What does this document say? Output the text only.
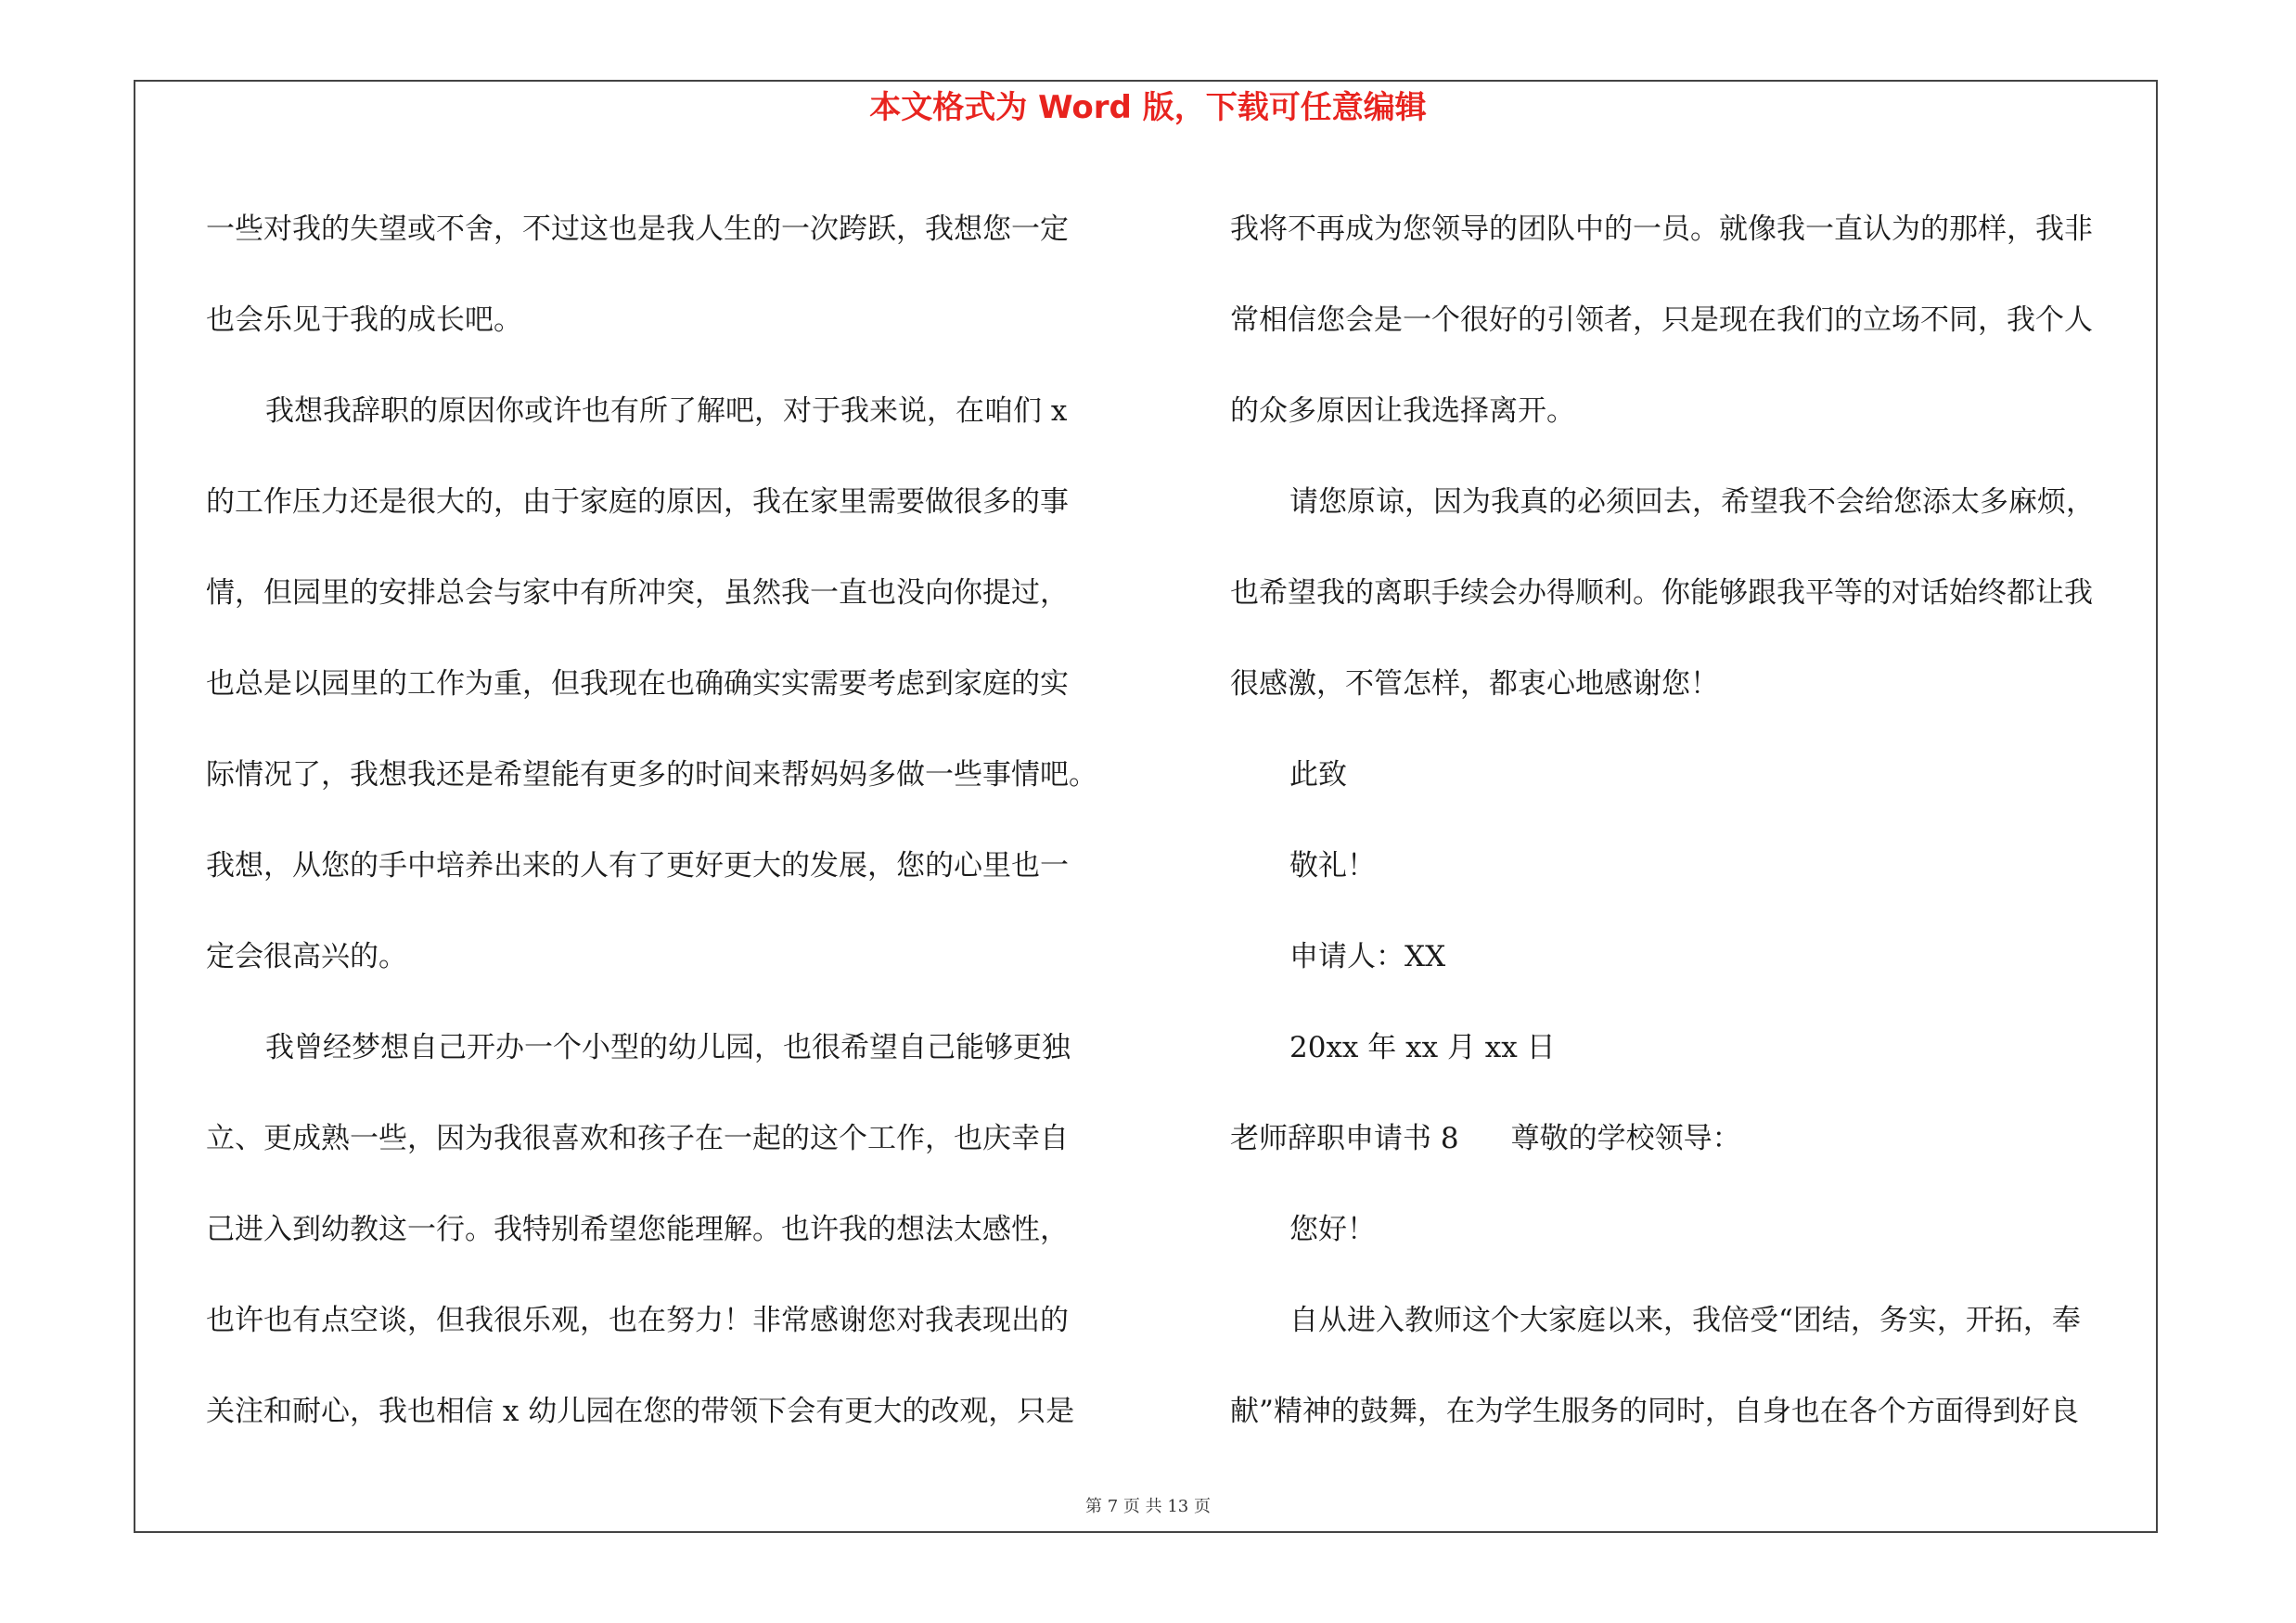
本文格式为 Word 版，下载可任意编辑
一些对我的失望或不舍，不过这也是我人生的一次跨跃，我想您一定
也会乐见于我的成长吧。
我想我辞职的原因你或许也有所了解吧，对于我来说，在咱们 x
的工作压力还是很大的，由于家庭的原因，我在家里需要做很多的事
情，但园里的安排总会与家中有所冲突，虽然我一直也没向你提过，
也总是以园里的工作为重，但我现在也确确实实需要考虑到家庭的实
际情况了，我想我还是希望能有更多的时间来帮妈妈多做一些事情吧。
我想，从您的手中培养出来的人有了更好更大的发展，您的心里也一
定会很高兴的。
我曾经梦想自己开办一个小型的幼儿园，也很希望自己能够更独
立、更成熟一些，因为我很喜欢和孩子在一起的这个工作，也庆幸自
己进入到幼教这一行。我特别希望您能理解。也许我的想法太感性，
也许也有点空谈，但我很乐观，也在努力！非常感谢您对我表现出的
关注和耐心，我也相信 x 幼儿园在您的带领下会有更大的改观，只是
我将不再成为您领导的团队中的一员。就像我一直认为的那样，我非
常相信您会是一个很好的引领者，只是现在我们的立场不同，我个人
的众多原因让我选择离开。
请您原谅，因为我真的必须回去，希望我不会给您添太多麻烦，
也希望我的离职手续会办得顺利。你能够跟我平等的对话始终都让我
很感激，不管怎样，都衷心地感谢您！
此致
敬礼！
申请人：XX
20xx 年 xx 月 xx 日
老师辞职申请书 8 尊敬的学校领导：
您好！
自从进入教师这个大家庭以来，我倍受“团结，务实，开拓，奉
献”精神的鼓舞，在为学生服务的同时，自身也在各个方面得到好良
第 7 页 共 13 页
